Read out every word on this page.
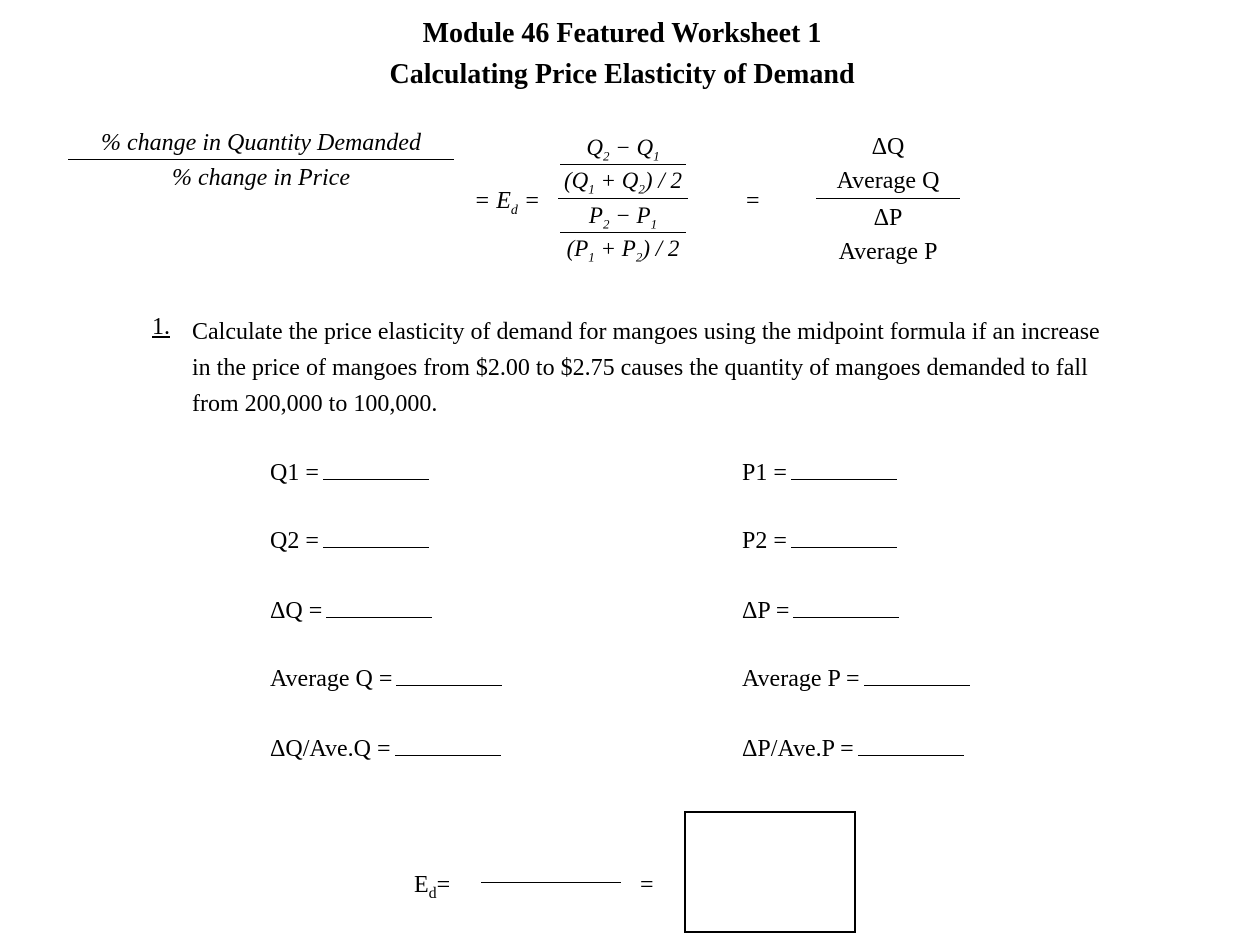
Module 46 Featured Worksheet 1
Calculating Price Elasticity of Demand
% change in Quantity Demanded
% change in Price
= $E_d$ =
$Q_2 - Q_1$
$(Q_1 + Q_2) / 2$
$P_2 - P_1$
$(P_1 + P_2) / 2$
=
ΔQ
Average Q
ΔP
Average P
1. Calculate the price elasticity of demand for mangoes using the midpoint formula if an increase in the price of mangoes from $2.00 to $2.75 causes the quantity of mangoes demanded to fall from 200,000 to 100,000.
Q1 =
Q2 =
ΔQ =
Average Q =
ΔQ/Ave.Q =
P1 =
P2 =
ΔP =
Average P =
ΔP/Ave.P =
$E_d=$	=
